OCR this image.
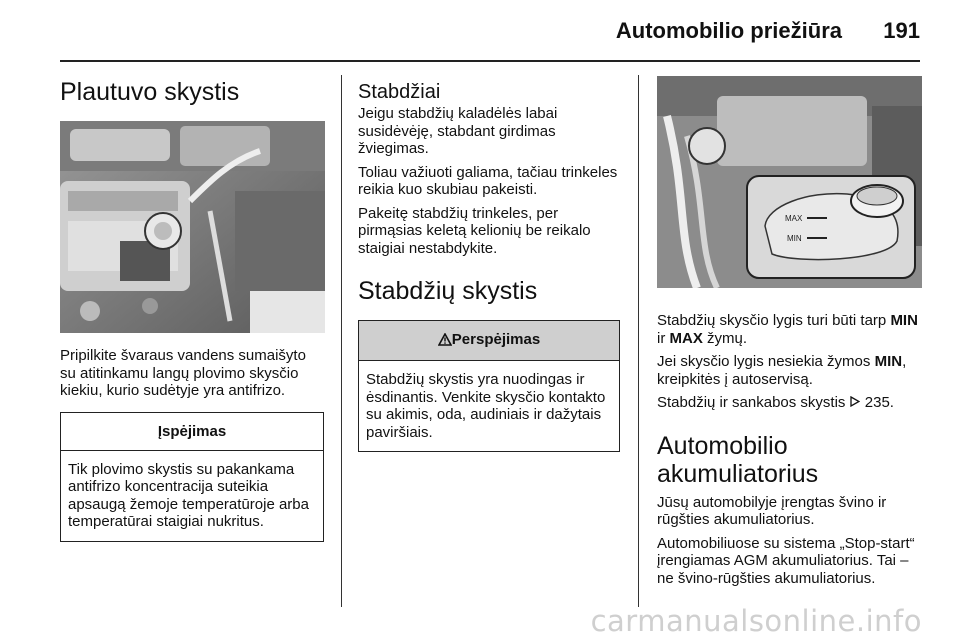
Automobilio priežiūra 191
Plautuvo skystis

Pripilkite švaraus vandens sumaišyto su atitinkamu langų plovimo skysčio kiekiu, kurio sudėtyje yra antifrizo.

Įspėjimas
Tik plovimo skystis su pakankama antifrizo koncentracija suteikia apsaugą žemoje temperatūroje arba temperatūrai staigiai nukritus.
Stabdžiai

Jeigu stabdžių kaladėlės labai susidėvėję, stabdant girdimas žviegimas.

Toliau važiuoti galiama, tačiau trinkeles reikia kuo skubiau pakeisti.

Pakeitę stabdžių trinkeles, per pirmąsias keletą kelionių be reikalo staigiai nestabdykite.

Stabdžių skystis
Perspėjimas
Stabdžių skystis yra nuodingas ir ėsdinantis. Venkite skysčio kontakto su akimis, oda, audiniais ir dažytais paviršiais.
MAX
MIN

Stabdžių skysčio lygis turi būti tarp MIN ir MAX žymų.

Jei skysčio lygis nesiekia žymos MIN, kreipkitės į autoservisą.

Stabdžių ir sankabos skystis  235.

Automobilio akumuliatorius

Jūsų automobilyje įrengtas švino ir rūgšties akumuliatorius.

Automobiliuose su sistema „Stop-start“ įrengiamas AGM akumuliatorius. Tai – ne švino-rūgšties akumuliatorius.

carmanualsonline.info
